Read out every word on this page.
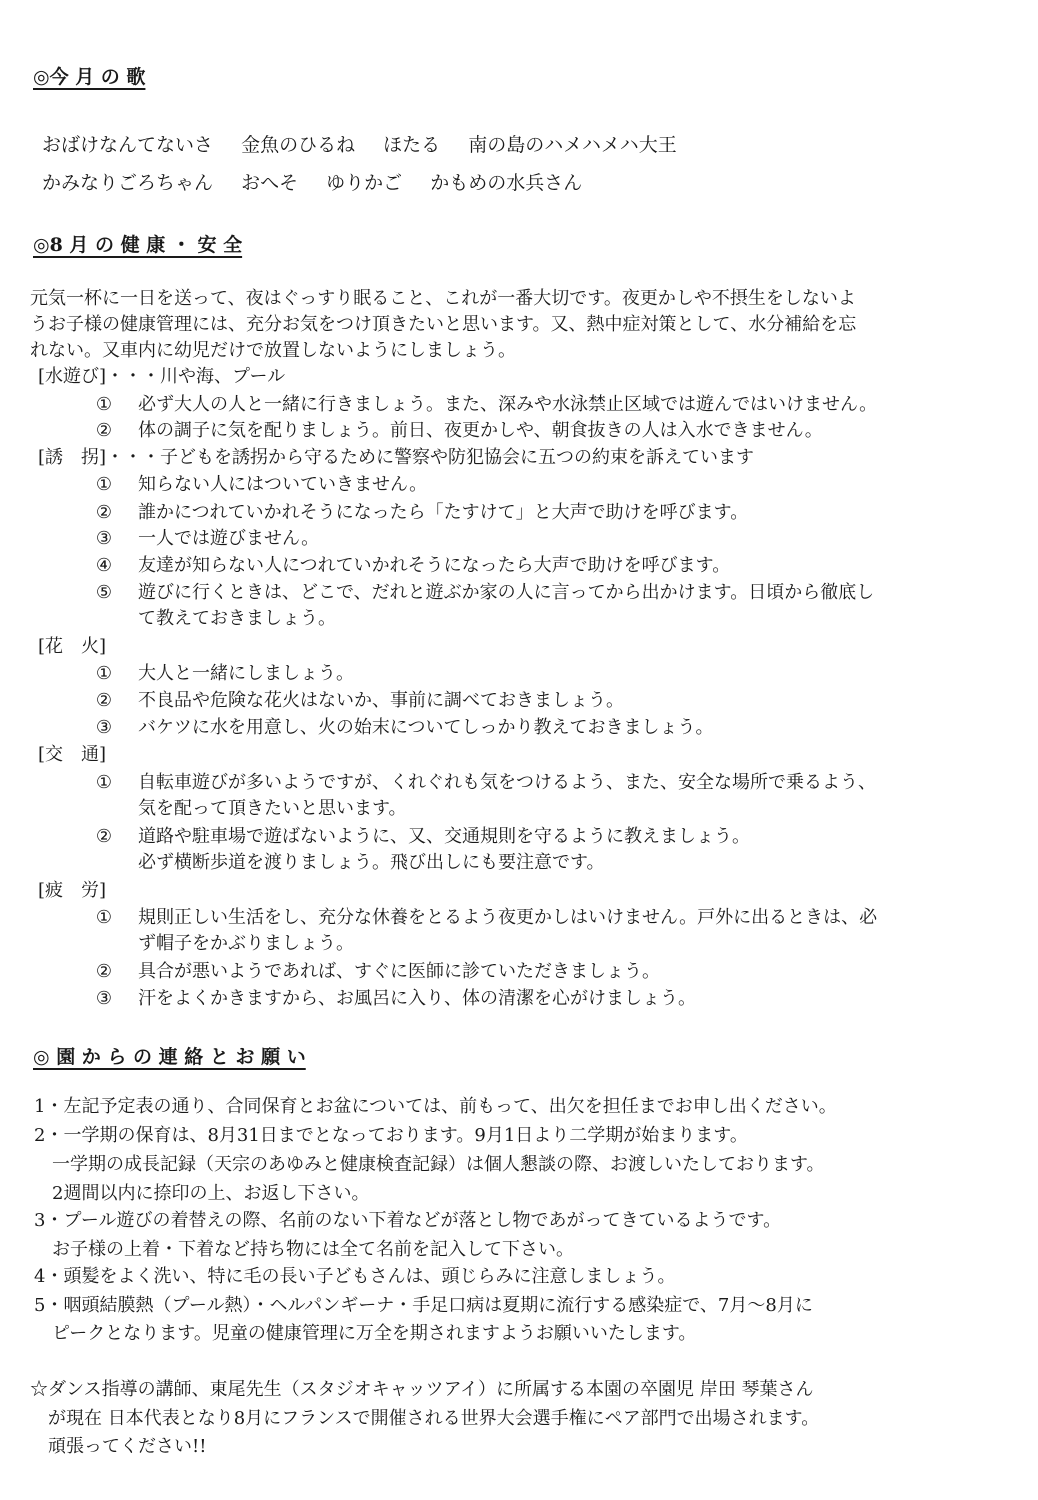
◎今 月 の 歌
おばけなんてないさ 金魚のひるね ほたる 南の島のハメハメハ大王
かみなりごろちゃん おへそ ゆりかご かもめの水兵さん
◎8 月 の 健 康 ・ 安 全
元気一杯に一日を送って、夜はぐっすり眠ること、これが一番大切です。夜更かしや不摂生をしないよ
うお子様の健康管理には、充分お気をつけ頂きたいと思います。又、熱中症対策として、水分補給を忘
れない。又車内に幼児だけで放置しないようにしましょう。
[水遊び]・・・川や海、プール
①	必ず大人の人と一緒に行きましょう。また、深みや水泳禁止区域では遊んではいけません。
②	体の調子に気を配りましょう。前日、夜更かしや、朝食抜きの人は入水できません。
[誘　拐]・・・子どもを誘拐から守るために警察や防犯協会に五つの約束を訴えています
①	知らない人にはついていきません。
②	誰かにつれていかれそうになったら「たすけて」と大声で助けを呼びます。
③	一人では遊びません。
④	友達が知らない人につれていかれそうになったら大声で助けを呼びます。
⑤	遊びに行くときは、どこで、だれと遊ぶか家の人に言ってから出かけます。日頃から徹底し
て教えておきましょう。
[花　火]
①	大人と一緒にしましょう。
②	不良品や危険な花火はないか、事前に調べておきましょう。
③	バケツに水を用意し、火の始末についてしっかり教えておきましょう。
[交　通]
①	自転車遊びが多いようですが、くれぐれも気をつけるよう、また、安全な場所で乗るよう、
気を配って頂きたいと思います。
②	道路や駐車場で遊ばないように、又、交通規則を守るように教えましょう。
必ず横断歩道を渡りましょう。飛び出しにも要注意です。
[疲　労]
①	規則正しい生活をし、充分な休養をとるよう夜更かしはいけません。戸外に出るときは、必
ず帽子をかぶりましょう。
②	具合が悪いようであれば、すぐに医師に診ていただきましょう。
③	汗をよくかきますから、お風呂に入り、体の清潔を心がけましょう。
◎ 園 か ら の 連 絡 と お 願 い
1・左記予定表の通り、合同保育とお盆については、前もって、出欠を担任までお申し出ください。
2・一学期の保育は、8月31日までとなっております。9月1日より二学期が始まります。
　一学期の成長記録（天宗のあゆみと健康検査記録）は個人懇談の際、お渡しいたしております。
　2週間以内に捺印の上、お返し下さい。
3・プール遊びの着替えの際、名前のない下着などが落とし物であがってきているようです。
　お子様の上着・下着など持ち物には全て名前を記入して下さい。
4・頭髪をよく洗い、特に毛の長い子どもさんは、頭じらみに注意しましょう。
5・咽頭結膜熱（プール熱）・ヘルパンギーナ・手足口病は夏期に流行する感染症で、7月～8月に
　ピークとなります。児童の健康管理に万全を期されますようお願いいたします。
☆ダンス指導の講師、東尾先生（スタジオキャッツアイ）に所属する本園の卒園児 岸田 琴葉さん
　が現在 日本代表となり8月にフランスで開催される世界大会選手権にペア部門で出場されます。
　頑張ってください!!
